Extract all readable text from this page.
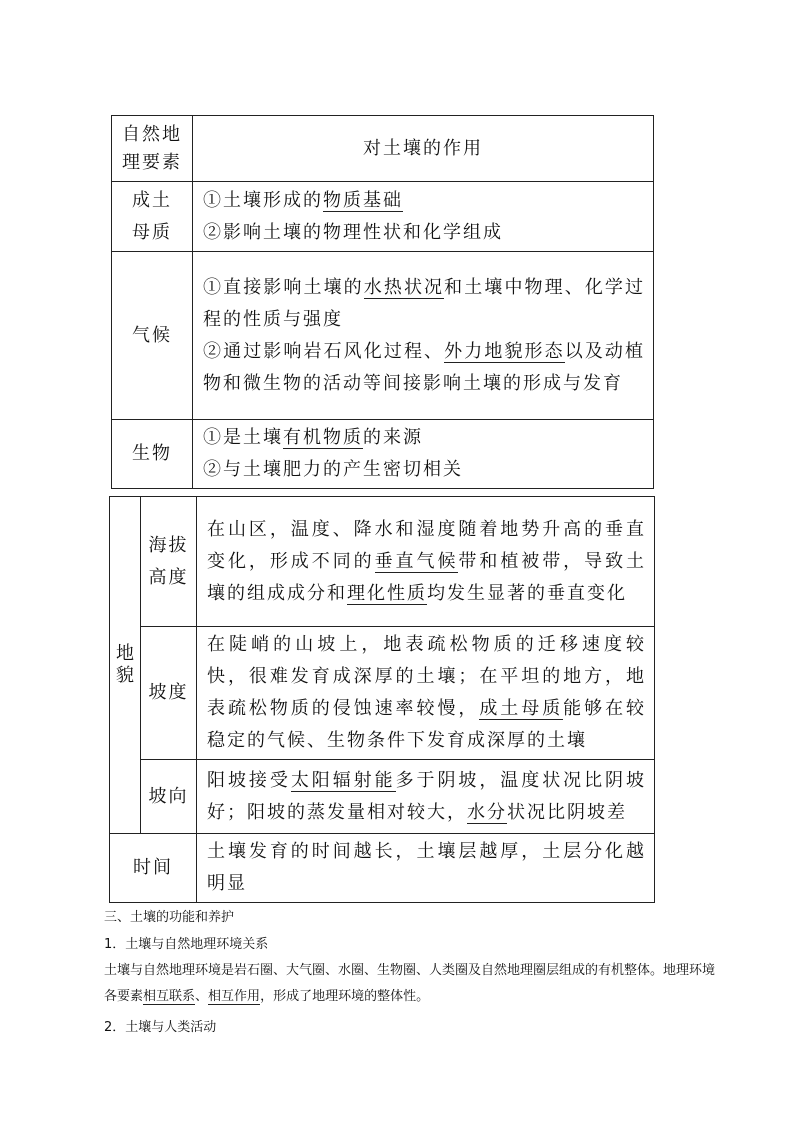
自然地理要素	对土壤的作用

成土母质	①土壤形成的物质基础
②影响土壤的物理性状和化学组成

气候	①直接影响土壤的水热状况和土壤中物理、化学过程的性质与强度
②通过影响岩石风化过程、外力地貌形态以及动植物和微生物的活动等间接影响土壤的形成与发育

生物	①是土壤有机物质的来源
②与土壤肥力的产生密切相关
地貌	海拔高度	在山区，温度、降水和湿度随着地势升高的垂直变化，形成不同的垂直气候带和植被带，导致土壤的组成成分和理化性质均发生显著的垂直变化

	坡度	在陡峭的山坡上，地表疏松物质的迁移速度较快，很难发育成深厚的土壤；在平坦的地方，地表疏松物质的侵蚀速率较慢，成土母质能够在较稳定的气候、生物条件下发育成深厚的土壤

	坡向	阳坡接受太阳辐射能多于阴坡，温度状况比阴坡好；阳坡的蒸发量相对较大，水分状况比阴坡差

时间		土壤发育的时间越长，土壤层越厚，土层分化越明显
三、土壤的功能和养护
1．土壤与自然地理环境关系
土壤与自然地理环境是岩石圈、大气圈、水圈、生物圈、人类圈及自然地理圈层组成的有机整体。地理环境各要素相互联系、相互作用，形成了地理环境的整体性。
2．土壤与人类活动
